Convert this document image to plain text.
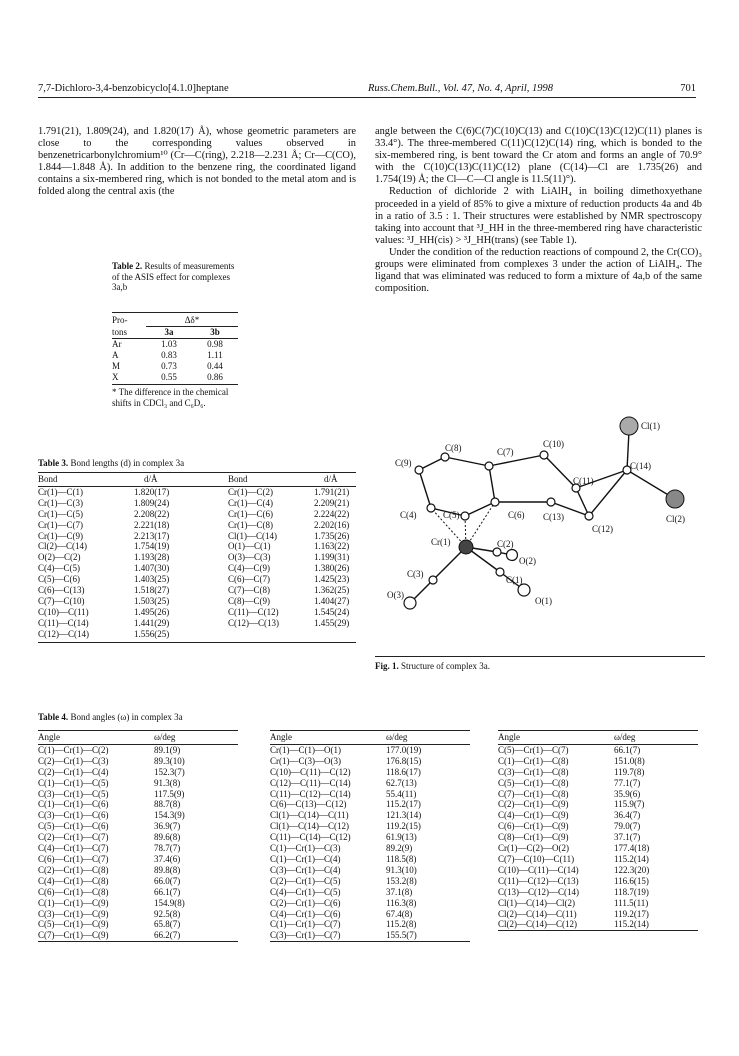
7,7-Dichloro-3,4-benzobicyclo[4.1.0]heptane	Russ.Chem.Bull., Vol. 47, No. 4, April, 1998	701

1.791(21), 1.809(24), and 1.820(17) Å), whose geometric parameters are close to the corresponding values observed in benzenetricarbonylchromium¹⁰ (Cr—C(ring), 2.218—2.231 Å; Cr—C(CO), 1.844—1.848 Å). In addition to the benzene ring, the coordinated ligand contains a six-membered ring, which is not bonded to the metal atom and is folded along the central axis (the

angle between the C(6)C(7)C(10)C(13) and C(10)C(13)C(12)C(11) planes is 33.4°). The three-membered C(11)C(12)C(14) ring, which is bonded to the six-membered ring, is bent toward the Cr atom and forms an angle of 70.9° with the C(10)C(13)C(11)C(12) plane (C(14)—Cl are 1.735(26) and 1.754(19) Å; the Cl—C—Cl angle is 11.5(11)°).

Reduction of dichloride 2 with LiAlH₄ in boiling dimethoxyethane proceeded in a yield of 85% to give a mixture of reduction products 4a and 4b in a ratio of 3.5 : 1. Their structures were established by NMR spectroscopy taking into account that ³J_HH in the three-membered ring have characteristic values: ³J_HH(cis) > ³J_HH(trans) (see Table 1).

Under the condition of the reduction reactions of compound 2, the Cr(CO)₃ groups were eliminated from complexes 3 under the action of LiAlH₄. The ligand that was eliminated was reduced to form a mixture of 4a,b of the same composition.

Table 2. Results of measurements of the ASIS effect for complexes 3a,b
Pro-	Δδ*	
tons	3a	3b
Ar	1.03	0.98
A	0.83	1.11
M	0.73	0.44
X	0.55	0.86
* The difference in the chemical shifts in CDCl₃ and C₆D₆.
Table 3. Bond lengths (d) in complex 3a
Bond	d/Å	Bond	d/Å
Cr(1)—C(1)	1.820(17)	Cr(1)—C(2)	1.791(21)
Cr(1)—C(3)	1.809(24)	Cr(1)—C(4)	2.209(21)
Cr(1)—C(5)	2.208(22)	Cr(1)—C(6)	2.224(22)
Cr(1)—C(7)	2.221(18)	Cr(1)—C(8)	2.202(16)
Cr(1)—C(9)	2.213(17)	Cl(1)—C(14)	1.735(26)
Cl(2)—C(14)	1.754(19)	O(1)—C(1)	1.163(22)
O(2)—C(2)	1.193(28)	O(3)—C(3)	1.199(31)
C(4)—C(5)	1.407(30)	C(4)—C(9)	1.380(26)
C(5)—C(6)	1.403(25)	C(6)—C(7)	1.425(23)
C(6)—C(13)	1.518(27)	C(7)—C(8)	1.362(25)
C(7)—C(10)	1.503(25)	C(8)—C(9)	1.404(27)
C(10)—C(11)	1.495(26)	C(11)—C(12)	1.545(24)
C(11)—C(14)	1.441(29)	C(12)—C(13)	1.455(29)
C(12)—C(14)	1.556(25)		
Cl(1)
C(14)
Cl(2)
C(10)
C(8)	C(7)
C(9)
C(11)
C(4)	C(5)	C(6) C(13)
C(12)
Cr(1)	C(2)
O(2)
C(3)
O(3)
C(1)
O(1)
Fig. 1. Structure of complex 3a.
Table 4. Bond angles (ω) in complex 3a
Angle	ω/deg
C(1)—Cr(1)—C(2)	89.1(9)
C(2)—Cr(1)—C(3)	89.3(10)
C(2)—Cr(1)—C(4)	152.3(7)
C(1)—Cr(1)—C(5)	91.3(8)
C(3)—Cr(1)—C(5)	117.5(9)
C(1)—Cr(1)—C(6)	88.7(8)
C(3)—Cr(1)—C(6)	154.3(9)
C(5)—Cr(1)—C(6)	36.9(7)
C(2)—Cr(1)—C(7)	89.6(8)
C(4)—Cr(1)—C(7)	78.7(7)
C(6)—Cr(1)—C(7)	37.4(6)
C(2)—Cr(1)—C(8)	89.8(8)
C(4)—Cr(1)—C(8)	66.0(7)
C(6)—Cr(1)—C(8)	66.1(7)
C(1)—Cr(1)—C(9)	154.9(8)
C(3)—Cr(1)—C(9)	92.5(8)
C(5)—Cr(1)—C(9)	65.8(7)
C(7)—Cr(1)—C(9)	66.2(7)
Angle	ω/deg
Cr(1)—C(1)—O(1)	177.0(19)
Cr(1)—C(3)—O(3)	176.8(15)
C(10)—C(11)—C(12)	118.6(17)
C(12)—C(11)—C(14)	62.7(13)
C(11)—C(12)—C(14)	55.4(11)
C(6)—C(13)—C(12)	115.2(17)
Cl(1)—C(14)—C(11)	121.3(14)
Cl(1)—C(14)—C(12)	119.2(15)
C(11)—C(14)—C(12)	61.9(13)
C(1)—Cr(1)—C(3)	89.2(9)
C(1)—Cr(1)—C(4)	118.5(8)
C(3)—Cr(1)—C(4)	91.3(10)
C(2)—Cr(1)—C(5)	153.2(8)
C(4)—Cr(1)—C(5)	37.1(8)
C(2)—Cr(1)—C(6)	116.3(8)
C(4)—Cr(1)—C(6)	67.4(8)
C(1)—Cr(1)—C(7)	115.2(8)
C(3)—Cr(1)—C(7)	155.5(7)
Angle	ω/deg
C(5)—Cr(1)—C(7)	66.1(7)
C(1)—Cr(1)—C(8)	151.0(8)
C(3)—Cr(1)—C(8)	119.7(8)
C(5)—Cr(1)—C(8)	77.1(7)
C(7)—Cr(1)—C(8)	35.9(6)
C(2)—Cr(1)—C(9)	115.9(7)
C(4)—Cr(1)—C(9)	36.4(7)
C(6)—Cr(1)—C(9)	79.0(7)
C(8)—Cr(1)—C(9)	37.1(7)
Cr(1)—C(2)—O(2)	177.4(18)
C(7)—C(10)—C(11)	115.2(14)
C(10)—C(11)—C(14)	122.3(20)
C(11)—C(12)—C(13)	116.6(15)
C(13)—C(12)—C(14)	118.7(19)
Cl(1)—C(14)—Cl(2)	111.5(11)
Cl(2)—C(14)—C(11)	119.2(17)
Cl(2)—C(14)—C(12)	115.2(14)
